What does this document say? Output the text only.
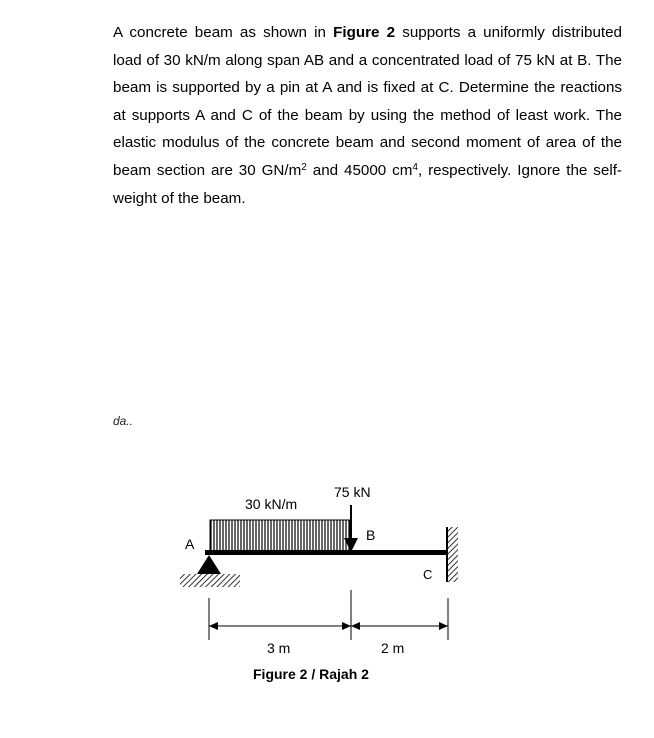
A concrete beam as shown in Figure 2 supports a uniformly distributed load of 30 kN/m along span AB and a concentrated load of 75 kN at B. The beam is supported by a pin at A and is fixed at C. Determine the reactions at supports A and C of the beam by using the method of least work. The elastic modulus of the concrete beam and second moment of area of the beam section are 30 $GN/m^2$ and 45000 $cm^4$, respectively. Ignore the self-weight of the beam.

da..
30 kN/m
75 kN
B
A
C
3 m	2 m
Figure 2 / Rajah 2
